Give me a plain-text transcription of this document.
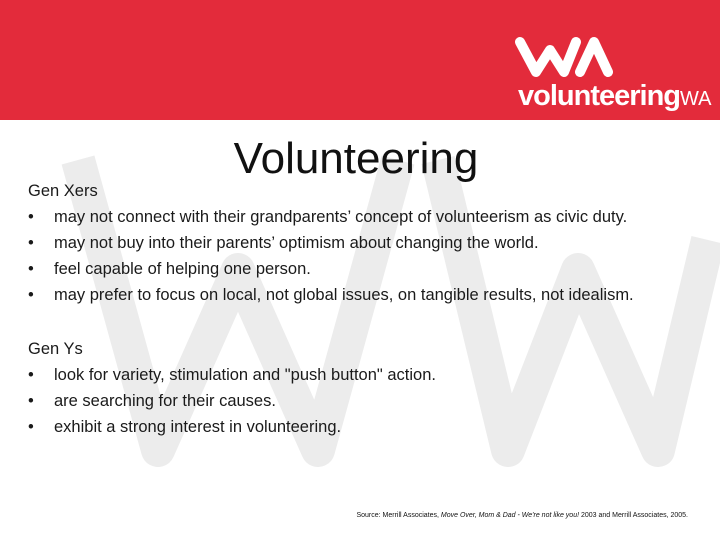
volunteeringWA
Volunteering
Gen Xers
•	may not connect with their grandparents’ concept of volunteerism as civic duty.
•	may not buy into their parents’ optimism about changing the world.
•	feel capable of helping one person.
•	may prefer to focus on local, not global issues, on tangible results, not idealism.
Gen Ys
•	look for variety, stimulation and "push button" action.
•	are searching for their causes.
•	exhibit a strong interest in volunteering.
Source: Merrill Associates, Move Over, Mom & Dad - We're not like you! 2003 and Merrill Associates, 2005.
